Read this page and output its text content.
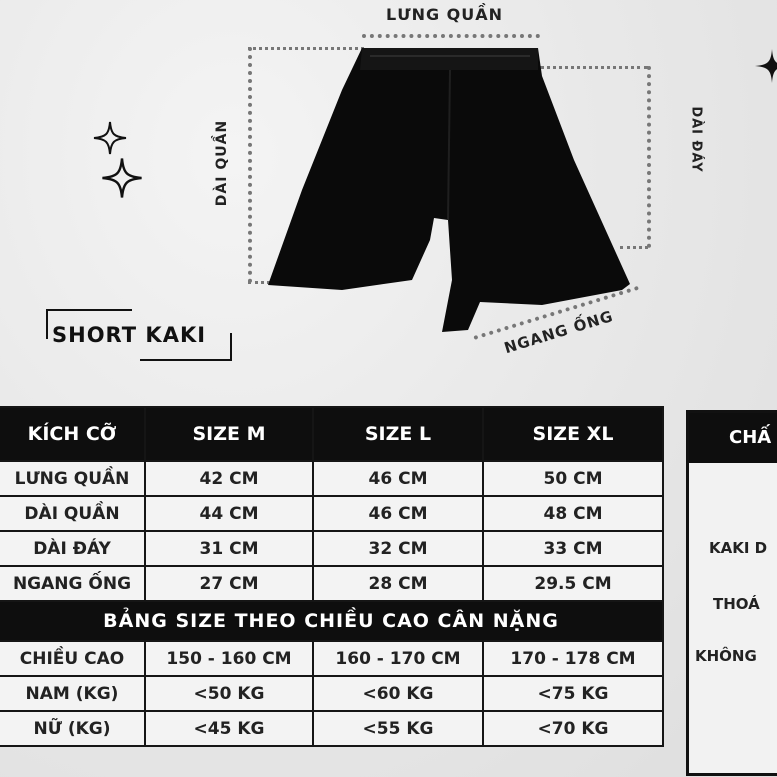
LƯNG QUẦN
DÀI QUẦN	DÀI ĐÁY
NGANG ỐNG
SHORT KAKI
KÍCH CỠ	SIZE M	SIZE L	SIZE XL
LƯNG QUẦN	42 CM	46 CM	50 CM
DÀI QUẦN	44 CM	46 CM	48 CM
DÀI ĐÁY	31 CM	32 CM	33 CM
NGANG ỐNG	27 CM	28 CM	29.5 CM
BẢNG SIZE THEO CHIỀU CAO CÂN NẶNG			
CHIỀU CAO	150 - 160 CM	160 - 170 CM	170 - 178 CM
NAM (KG)	<50 KG	<60 KG	<75 KG
NỮ (KG)	<45 KG	<55 KG	<70 KG
CHẤ
KAKI D
THOÁ
KHÔNG
